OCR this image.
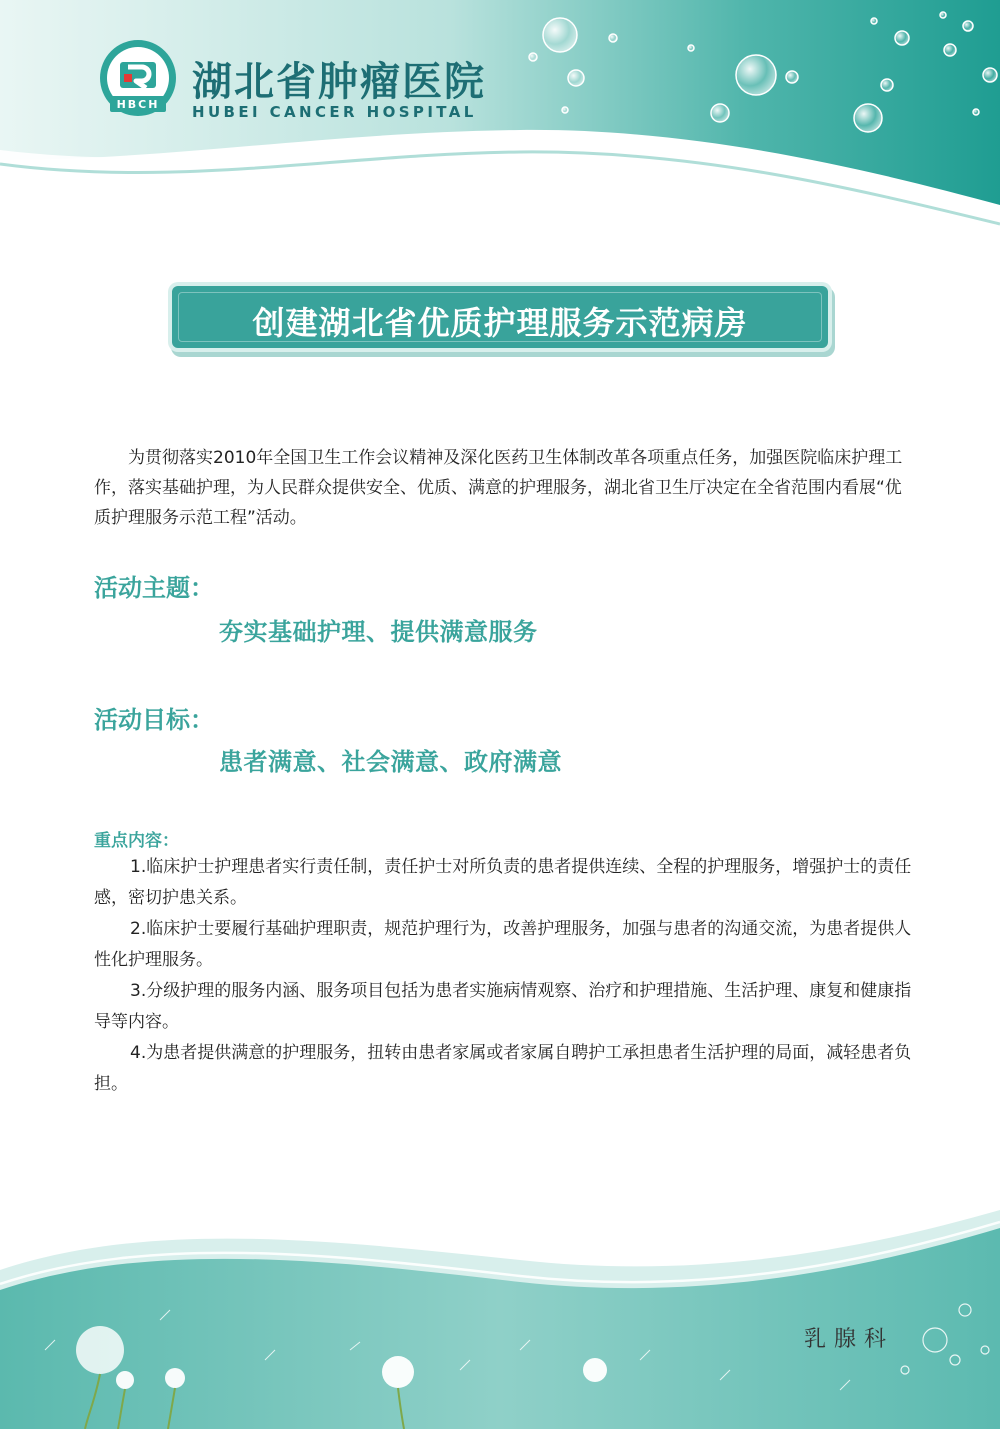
HBCH 湖北省肿瘤医院
HUBEI CANCER HOSPITAL
创建湖北省优质护理服务示范病房

为贯彻落实2010年全国卫生工作会议精神及深化医药卫生体制改革各项重点任务，加强医院临床护理工作，落实基础护理，为人民群众提供安全、优质、满意的护理服务，湖北省卫生厅决定在全省范围内看展“优质护理服务示范工程”活动。

活动主题：
夯实基础护理、提供满意服务
活动目标：
患者满意、社会满意、政府满意
重点内容：

1.临床护士护理患者实行责任制，责任护士对所负责的患者提供连续、全程的护理服务，增强护士的责任感，密切护患关系。

2.临床护士要履行基础护理职责，规范护理行为，改善护理服务，加强与患者的沟通交流，为患者提供人性化护理服务。

3.分级护理的服务内涵、服务项目包括为患者实施病情观察、治疗和护理措施、生活护理、康复和健康指导等内容。

4.为患者提供满意的护理服务，扭转由患者家属或者家属自聘护工承担患者生活护理的局面，减轻患者负担。

乳腺科
